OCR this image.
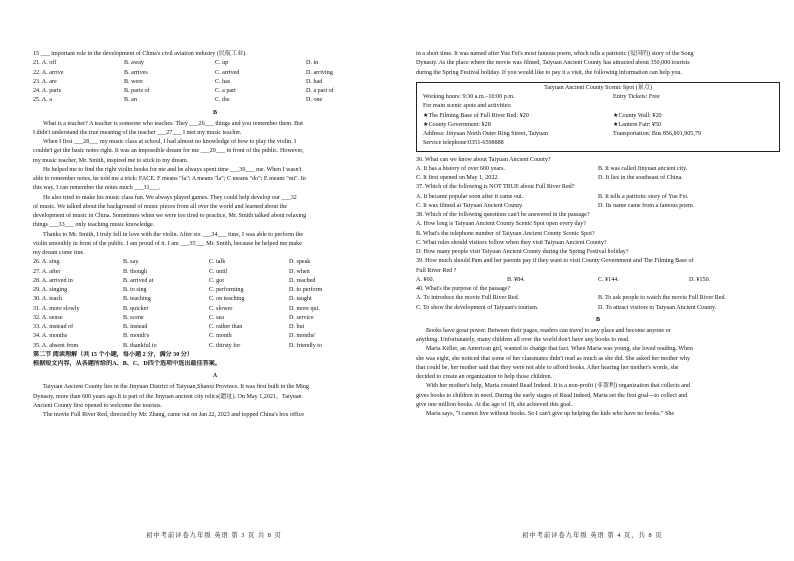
15 ___ important role in the development of China's civil aviation industry (民航工业).
21. A. off	B. away	C. up	D. in
22. A. arrive	B. arrives	C. arrived	D. arriving
23. A. are	B. were	C. has	D. had
24. A. parts	B. parts of	C. a part	D. a part of
25. A. a	B. an	C. the	D. one
B
What is a teacher? A teacher is someone who teaches. They ___26___ things and you remember them. But
I didn't understand the true meaning of the teacher ___27___ I met my music teacher.
When I first ___28___ my music class at school, I had almost no knowledge of how to play the violin. I
couldn't get the basic notes right. It was an impossible dream for me ___29___ in front of the public. However,
my music teacher, Mr. Smith, inspired me to stick to my dream.
He helped me to find the right violin books for me and he always spent time ___30___ me. When I wasn't
able to remember notes, he told me a trick: FACE. F means "fa"; A means "la"; C means "do"; E means "mi". In
this way, I can remember the notes much ___31___.
He also tried to make his music class fun. We always played games. They could help develop our ___32
of music. We talked about the background of music pieces from all over the world and learned about the
development of music in China. Sometimes when we were too tired to practice, Mr. Smith talked about relaxing
things ___33___ only teaching music knowledge.
Thanks to Mr. Smith, I truly fell in love with the violin. After six ___34___ time, I was able to perform the
violin smoothly in front of the public. I am proud of it. I am ___35___ Mr. Smith, because he helped me make
my dream come true.
26. A. sing	B. say.	C. talk	D. speak
27. A. after	B. though	C. until	D. when
28. A. arrived in	B. arrived at	C. got	D. reached
29. A. singing	B. to sing	C. performing	D. to perform
30. A. teach	B. teaching	C. on teaching	D. taught
31. A. more slowly	B. quicker	C. slower	D. more qui.
32. A. sense	B. scene	C. sea	D. service
33. A. instead of	B. instead	C. rather than	D. but
34. A. months	B. month's	C. month	D. months'
35. A. absent from	B. thankful to	C. thirsty for	D. friendly to
第二节 阅读理解（共 15 个小题，每小题 2 分，满分 30 分）
根据短文内容，从各题所给的A、B、C、D四个选项中选出最佳答案。
A
Taiyuan Ancient County lies in the Jinyuan District of Taiyuan,Shanxi Province. It was first built in the Ming
Dynasty, more than 600 years ago.It is part of the Jinyuan ancient city relics(遗址). On May 1,2021，Taiyuan
Ancient County first opened to welcome the tourists.
The movie Full River Red, directed by Mr. Zhang, came out on Jan 22, 2023 and topped China's box office
in a short time. It was named after Yue Fei's most famous poem, which tells a patriotic (爱国的) story of the Song
Dynasty. As the place where the movie was filmed, Taiyuan Ancient County has attracted about 350,000 tourists
during the Spring Festival holiday. If you would like to pay it a visit, the following information can help you.
Taiyuan Ancient County Scenic Spot (景点)
Working hours: 9:30 a.m.–10:00 p.m.	Entry Tickets: Free
For main scenic spots and activities:
★The Filming Base of Full River Red: ¥20	★County Wall: ¥20
★County Government: ¥28	★Lantern Fair: ¥50
Address: Jinyuan North Outer Ring Street, Taiyuan	Transportation: Bus 856,801,905,79
Service telephone:0351-6598888
36. What can we know about Taiyuan Ancient County?
A. It has a history of over 600 years.	B. It was called Jinyuan ancient city.
C. It first opened on May 1, 2022.	D. It lies in the southeast of China.
37. Which of the following is NOT TRUE about Full River Red?
A. It became popular soon after it came out.	B. It tells a patriotic story of Yue Fei.
C. It was filmed at Taiyuan Ancient County.	D. Its name came from a famous poem.
38. Which of the following questions can't be answered in the passage?
A. How long is Taiyuan Ancient County Scenic Spot open every day?
B. What's the telephone number of Taiyuan Ancient County Scenic Spot?
C. What rules should visitors follow when they visit Taiyuan Ancient County?
D. How many people visit Taiyuan Ancient County during the Spring Festival holiday?
39. How much should Pam and her parents pay if they want to visit County Government and The Filming Base of
Full River Red ?
A. ¥60.	B. ¥84.	C. ¥144.	D. ¥150.
40. What's the purpose of the passage?
A. To introduce the movie Full River Red.	B. To ask people to watch the movie Full River Red.
C. To show the development of Taiyuan's tourism.	D. To attract visitors to Taiyuan Ancient County.
B
Books have great power. Between their pages, readers can travel to any place and become anyone or
anything. Unfortunately, many children all over the world don't have any books to read.
Maria Keller, an American girl, wanted to change that fact. When Maria was young, she loved reading. When
she was eight, she noticed that some of her classmates didn't read as much as she did. She asked her mother why
that could be, her mother said that they were not able to afford books. After hearing her mother's words, she
decided to create an organization to help those children.
With her mother's help, Maria created Read Indeed. It is a non-profit (非盈利) organization that collects and
gives books to children in need. During the early stages of Read Indeed, Maria set the first goal—to collect and
give one million books. At the age of 18, she achieved this goal.
Maria says, "I cannot live without books. So I can't give up helping the kids who have no books." She
初中考前评卷九年级 英语 第 3 页 共 8 页	初中考前评卷九年级 英语 第 4 页，共 8 页
